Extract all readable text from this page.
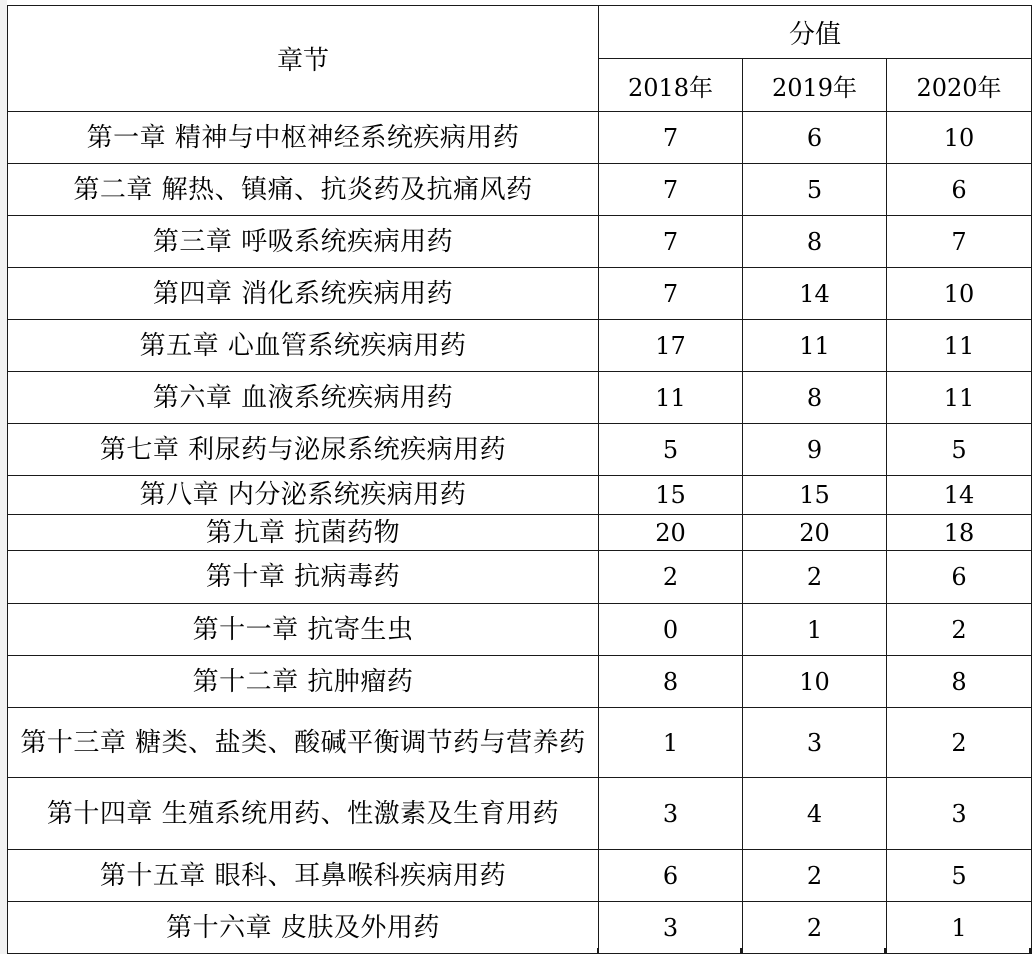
章节	分值		
	2018年	2019年	2020年
第一章 精神与中枢神经系统疾病用药	7	6	10
第二章 解热、镇痛、抗炎药及抗痛风药	7	5	6
第三章 呼吸系统疾病用药	7	8	7
第四章 消化系统疾病用药	7	14	10
第五章 心血管系统疾病用药	17	11	11
第六章 血液系统疾病用药	11	8	11
第七章 利尿药与泌尿系统疾病用药	5	9	5
第八章 内分泌系统疾病用药	15	15	14
第九章 抗菌药物	20	20	18
第十章 抗病毒药	2	2	6
第十一章 抗寄生虫	0	1	2
第十二章 抗肿瘤药	8	10	8
第十三章 糖类、盐类、酸碱平衡调节药与营养药	1	3	2
第十四章 生殖系统用药、性激素及生育用药	3	4	3
第十五章 眼科、耳鼻喉科疾病用药	6	2	5
第十六章 皮肤及外用药	3	2	1
